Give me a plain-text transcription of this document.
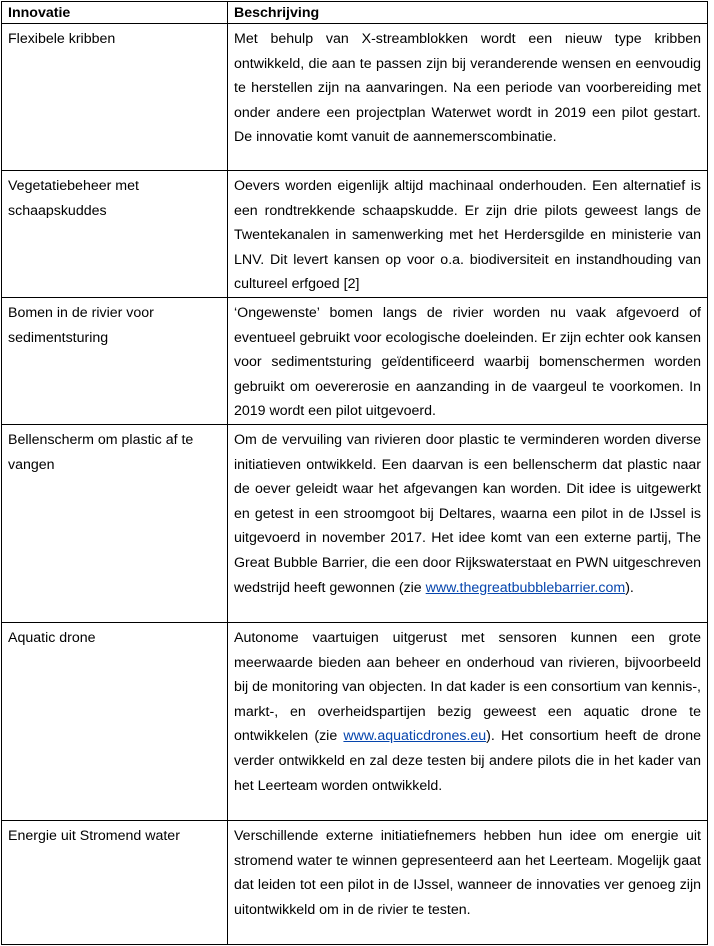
Innovatie	Beschrijving
Flexibele kribben	Met behulp van X-streamblokken wordt een nieuw type kribben ontwikkeld, die aan te passen zijn bij veranderende wensen en eenvoudig te herstellen zijn na aanvaringen. Na een periode van voorbereiding met onder andere een projectplan Waterwet wordt in 2019 een pilot gestart. De innovatie komt vanuit de aannemerscombinatie.
Vegetatiebeheer met schaapskuddes	Oevers worden eigenlijk altijd machinaal onderhouden. Een alternatief is een rondtrekkende schaapskudde. Er zijn drie pilots geweest langs de Twentekanalen in samenwerking met het Herdersgilde en ministerie van LNV. Dit levert kansen op voor o.a. biodiversiteit en instandhouding van cultureel erfgoed [2]
Bomen in de rivier voor sedimentsturing	‘Ongewenste’ bomen langs de rivier worden nu vaak afgevoerd of eventueel gebruikt voor ecologische doeleinden. Er zijn echter ook kansen voor sedimentsturing geïdentificeerd waarbij bomenschermen worden gebruikt om oevererosie en aanzanding in de vaargeul te voorkomen. In 2019 wordt een pilot uitgevoerd.
Bellenscherm om plastic af te vangen	Om de vervuiling van rivieren door plastic te verminderen worden diverse initiatieven ontwikkeld. Een daarvan is een bellenscherm dat plastic naar de oever geleidt waar het afgevangen kan worden. Dit idee is uitgewerkt en getest in een stroomgoot bij Deltares, waarna een pilot in de IJssel is uitgevoerd in november 2017. Het idee komt van een externe partij, The Great Bubble Barrier, die een door Rijkswaterstaat en PWN uitgeschreven wedstrijd heeft gewonnen (zie www.thegreatbubblebarrier.com).
Aquatic drone	Autonome vaartuigen uitgerust met sensoren kunnen een grote meerwaarde bieden aan beheer en onderhoud van rivieren, bijvoorbeeld bij de monitoring van objecten. In dat kader is een consortium van kennis-, markt-, en overheidspartijen bezig geweest een aquatic drone te ontwikkelen (zie www.aquaticdrones.eu). Het consortium heeft de drone verder ontwikkeld en zal deze testen bij andere pilots die in het kader van het Leerteam worden ontwikkeld.
Energie uit Stromend water	Verschillende externe initiatiefnemers hebben hun idee om energie uit stromend water te winnen gepresenteerd aan het Leerteam. Mogelijk gaat dat leiden tot een pilot in de IJssel, wanneer de innovaties ver genoeg zijn uitontwikkeld om in de rivier te testen.
